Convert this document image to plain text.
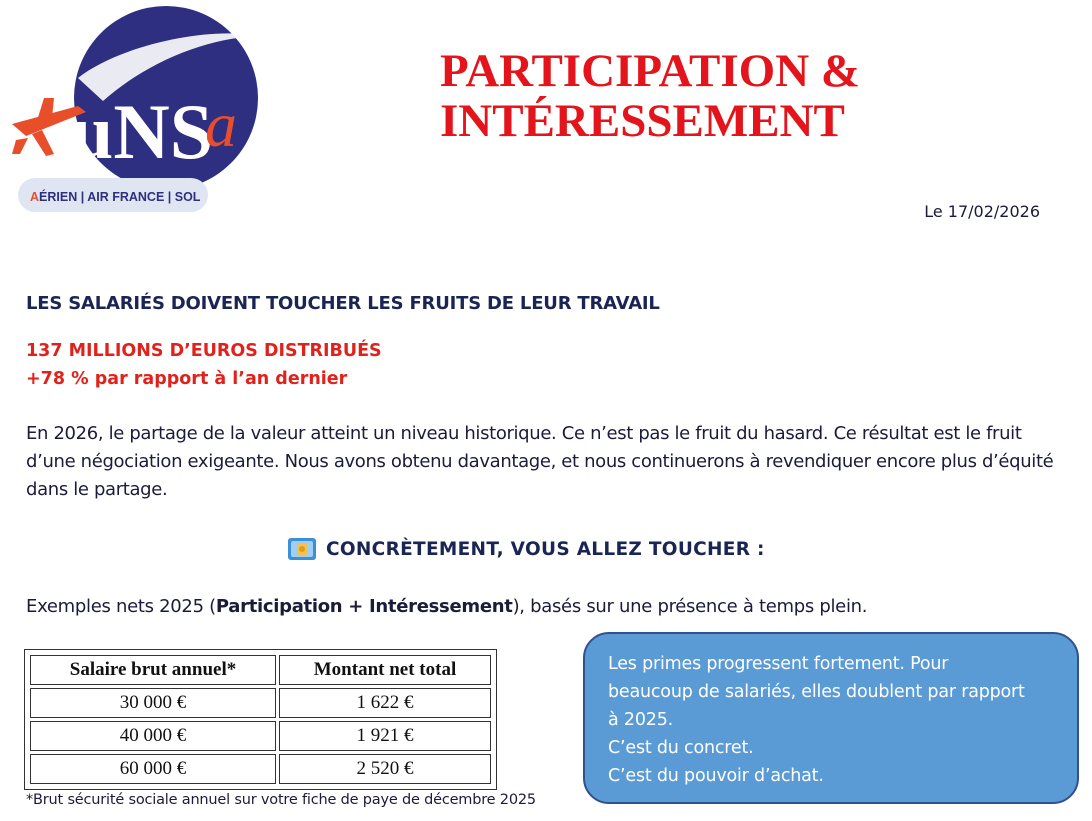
uNS
a
AÉRIEN | AIR FRANCE | SOL
PARTICIPATION &
INTÉRESSEMENT
Le 17/02/2026
LES SALARIÉS DOIVENT TOUCHER LES FRUITS DE LEUR TRAVAIL
137 MILLIONS D’EUROS DISTRIBUÉS
+78 % par rapport à l’an dernier

En 2026, le partage de la valeur atteint un niveau historique. Ce n’est pas le fruit du hasard. Ce résultat est le fruit d’une négociation exigeante. Nous avons obtenu davantage, et nous continuerons à revendiquer encore plus d’équité dans le partage.

CONCRÈTEMENT, VOUS ALLEZ TOUCHER :
Exemples nets 2025 (Participation + Intéressement), basés sur une présence à temps plein.
Salaire brut annuel*	Montant net total
30 000 €	1 622 €
40 000 €	1 921 €
60 000 €	2 520 €
*Brut sécurité sociale annuel sur votre fiche de paye de décembre 2025
Les primes progressent fortement. Pour
beaucoup de salariés, elles doublent par rapport
à 2025.
C’est du concret.
C’est du pouvoir d’achat.
